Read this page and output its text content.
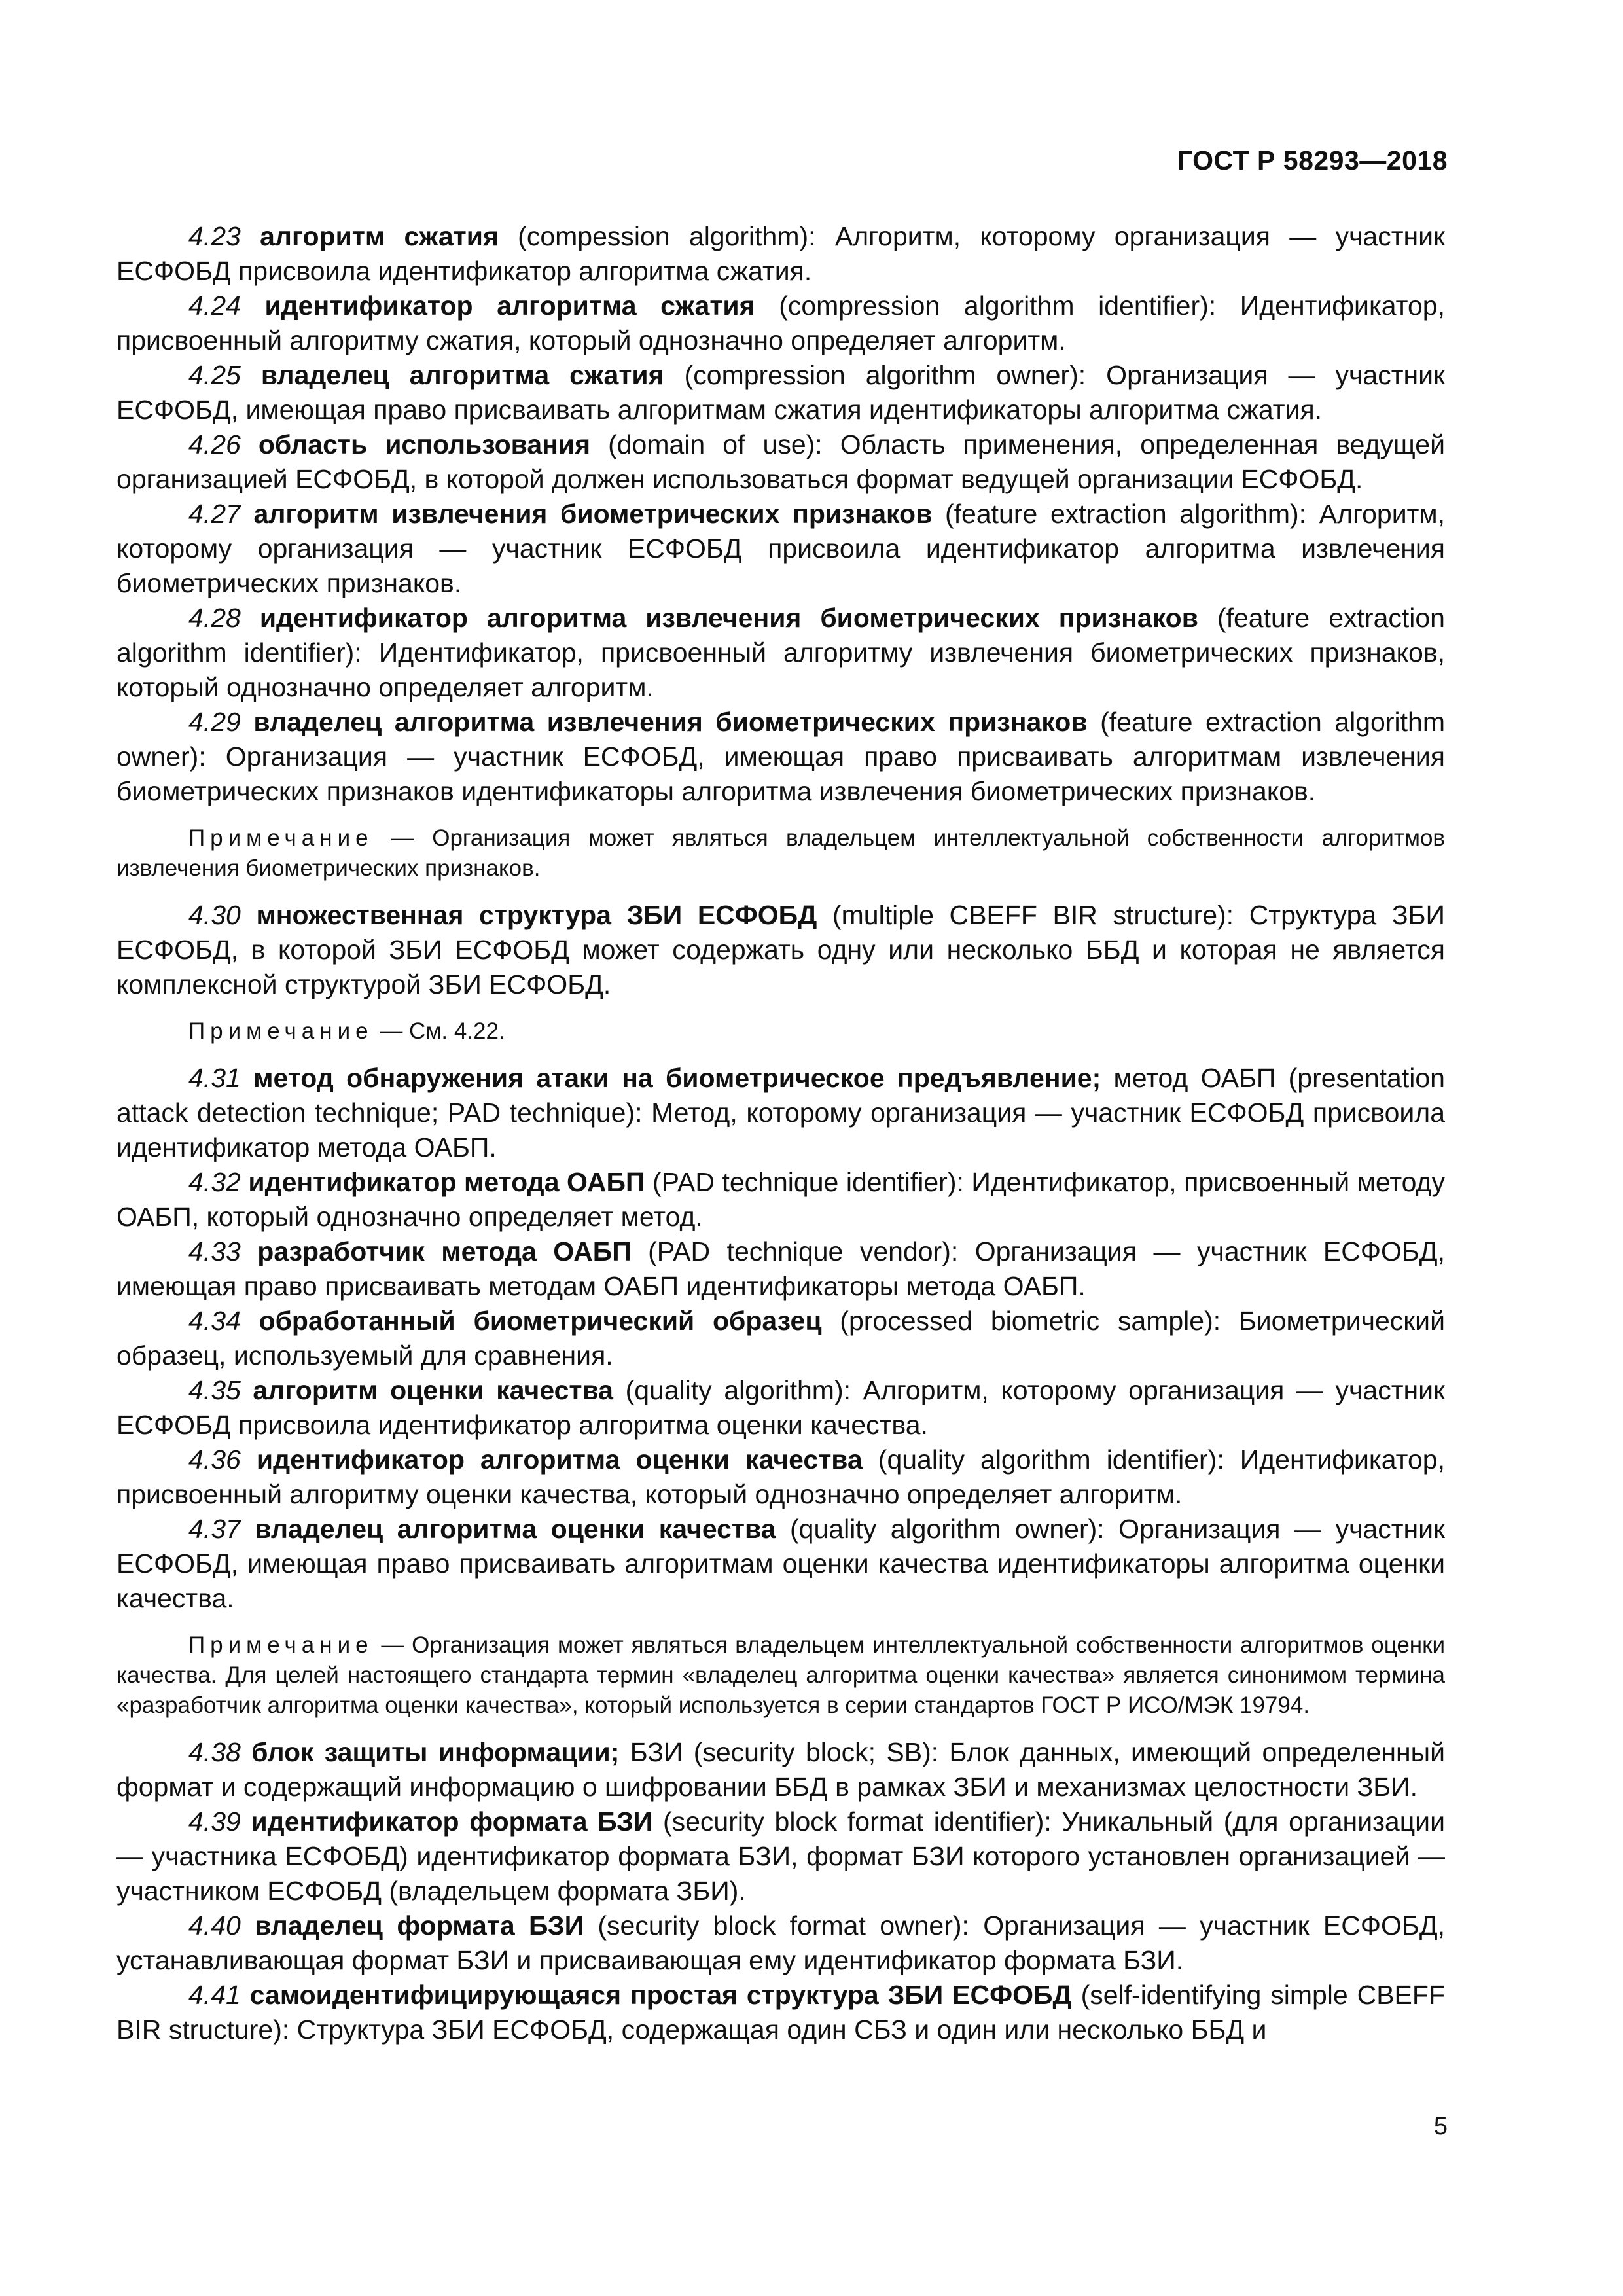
ГОСТ Р 58293—2018

4.23 алгоритм сжатия (compession algorithm): Алгоритм, которому организация — участник ЕСФОБД присвоила идентификатор алгоритма сжатия.

4.24 идентификатор алгоритма сжатия (compression algorithm identifier): Идентификатор, присвоенный алгоритму сжатия, который однозначно определяет алгоритм.

4.25 владелец алгоритма сжатия (compression algorithm owner): Организация — участник ЕСФОБД, имеющая право присваивать алгоритмам сжатия идентификаторы алгоритма сжатия.

4.26 область использования (domain of use): Область применения, определенная ведущей организацией ЕСФОБД, в которой должен использоваться формат ведущей организации ЕСФОБД.

4.27 алгоритм извлечения биометрических признаков (feature extraction algorithm): Алгоритм, которому организация — участник ЕСФОБД присвоила идентификатор алгоритма извлечения биометрических признаков.

4.28 идентификатор алгоритма извлечения биометрических признаков (feature extraction algorithm identifier): Идентификатор, присвоенный алгоритму извлечения биометрических признаков, который однозначно определяет алгоритм.

4.29 владелец алгоритма извлечения биометрических признаков (feature extraction algorithm owner): Организация — участник ЕСФОБД, имеющая право присваивать алгоритмам извлечения биометрических признаков идентификаторы алгоритма извлечения биометрических признаков.

Примечание — Организация может являться владельцем интеллектуальной собственности алгоритмов извлечения биометрических признаков.

4.30 множественная структура ЗБИ ЕСФОБД (multiple CBEFF BIR structure): Структура ЗБИ ЕСФОБД, в которой ЗБИ ЕСФОБД может содержать одну или несколько ББД и которая не является комплексной структурой ЗБИ ЕСФОБД.

Примечание — См. 4.22.

4.31 метод обнаружения атаки на биометрическое предъявление; метод ОАБП (presentation attack detection technique; PAD technique): Метод, которому организация — участник ЕСФОБД присвоила идентификатор метода ОАБП.

4.32 идентификатор метода ОАБП (PAD technique identifier): Идентификатор, присвоенный методу ОАБП, который однозначно определяет метод.

4.33 разработчик метода ОАБП (PAD technique vendor): Организация — участник ЕСФОБД, имеющая право присваивать методам ОАБП идентификаторы метода ОАБП.

4.34 обработанный биометрический образец (processed biometric sample): Биометрический образец, используемый для сравнения.

4.35 алгоритм оценки качества (quality algorithm): Алгоритм, которому организация — участник ЕСФОБД присвоила идентификатор алгоритма оценки качества.

4.36 идентификатор алгоритма оценки качества (quality algorithm identifier): Идентификатор, присвоенный алгоритму оценки качества, который однозначно определяет алгоритм.

4.37 владелец алгоритма оценки качества (quality algorithm owner): Организация — участник ЕСФОБД, имеющая право присваивать алгоритмам оценки качества идентификаторы алгоритма оценки качества.

Примечание — Организация может являться владельцем интеллектуальной собственности алгоритмов оценки качества. Для целей настоящего стандарта термин «владелец алгоритма оценки качества» является синонимом термина «разработчик алгоритма оценки качества», который используется в серии стандартов ГОСТ Р ИСО/МЭК 19794.

4.38 блок защиты информации; БЗИ (security block; SB): Блок данных, имеющий определенный формат и содержащий информацию о шифровании ББД в рамках ЗБИ и механизмах целостности ЗБИ.

4.39 идентификатор формата БЗИ (security block format identifier): Уникальный (для организации — участника ЕСФОБД) идентификатор формата БЗИ, формат БЗИ которого установлен организацией — участником ЕСФОБД (владельцем формата ЗБИ).

4.40 владелец формата БЗИ (security block format owner): Организация — участник ЕСФОБД, устанавливающая формат БЗИ и присваивающая ему идентификатор формата БЗИ.

4.41 самоидентифицирующаяся простая структура ЗБИ ЕСФОБД (self-identifying simple CBEFF BIR structure): Структура ЗБИ ЕСФОБД, содержащая один СБЗ и один или несколько ББД и

5
